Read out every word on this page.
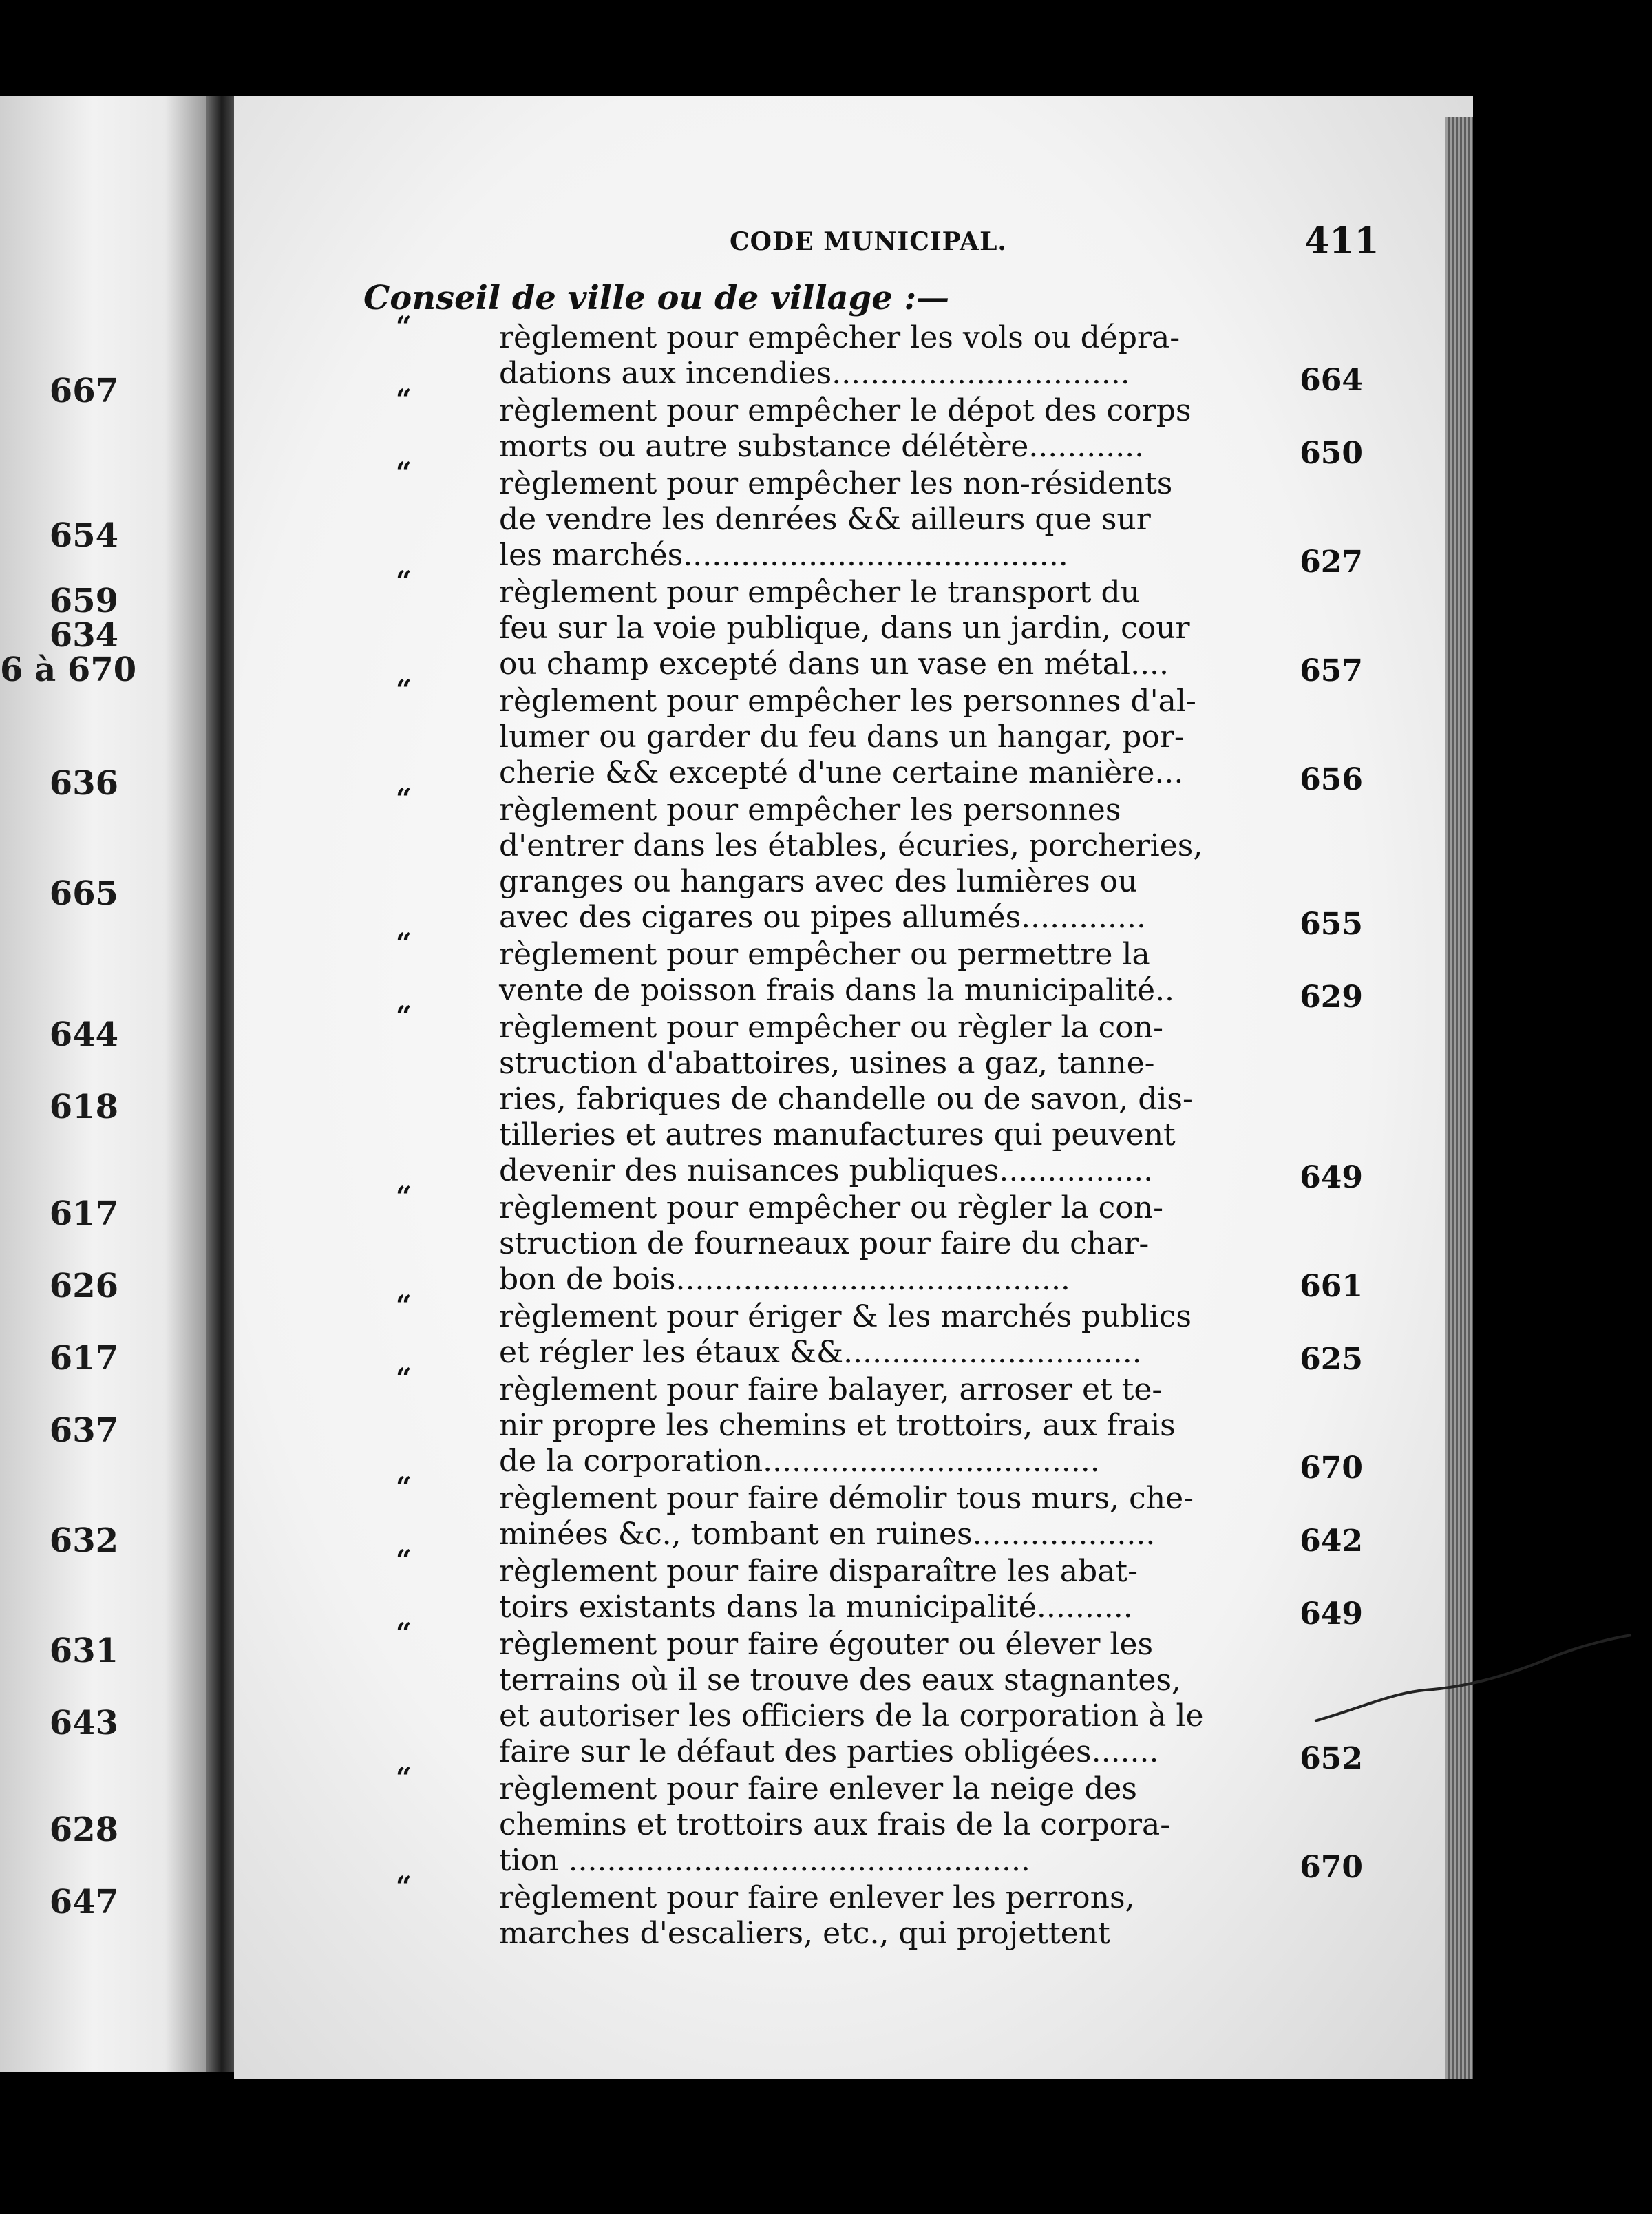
667
654
659
634
6 à 670
636
665
644
618
617
626
617
637
632
631
643
628
647
CODE MUNICIPAL.	411
Conseil de ville ou de village :—
“	règlement pour empêcher les vols ou dépra-
dations aux incendies...............................	664
“	règlement pour empêcher le dépot des corps
morts ou autre substance délétère............	650
“	règlement pour empêcher les non-résidents
de vendre les denrées && ailleurs que sur
les marchés........................................	627
“	règlement pour empêcher le transport du
feu sur la voie publique, dans un jardin, cour
ou champ excepté dans un vase en métal....	657
“	règlement pour empêcher les personnes d'al-
lumer ou garder du feu dans un hangar, por-
cherie && excepté d'une certaine manière...	656
“	règlement pour empêcher les personnes
d'entrer dans les étables, écuries, porcheries,
granges ou hangars avec des lumières ou
avec des cigares ou pipes allumés.............	655
“	règlement pour empêcher ou permettre la
vente de poisson frais dans la municipalité..	629
“	règlement pour empêcher ou règler la con-
struction d'abattoires, usines a gaz, tanne-
ries, fabriques de chandelle ou de savon, dis-
tilleries et autres manufactures qui peuvent
devenir des nuisances publiques................	649
“	règlement pour empêcher ou règler la con-
struction de fourneaux pour faire du char-
bon de bois.........................................	661
“	règlement pour ériger & les marchés publics
et régler les étaux &&...............................	625
“	règlement pour faire balayer, arroser et te-
nir propre les chemins et trottoirs, aux frais
de la corporation...................................	670
“	règlement pour faire démolir tous murs, che-
minées &c., tombant en ruines...................	642
“	règlement pour faire disparaître les abat-
toirs existants dans la municipalité..........	649
“	règlement pour faire égouter ou élever les
terrains où il se trouve des eaux stagnantes,
et autoriser les officiers de la corporation à le
faire sur le défaut des parties obligées.......	652
“	règlement pour faire enlever la neige des
chemins et trottoirs aux frais de la corpora-
tion ................................................	670
“	règlement pour faire enlever les perrons,
marches d'escaliers, etc., qui projettent
